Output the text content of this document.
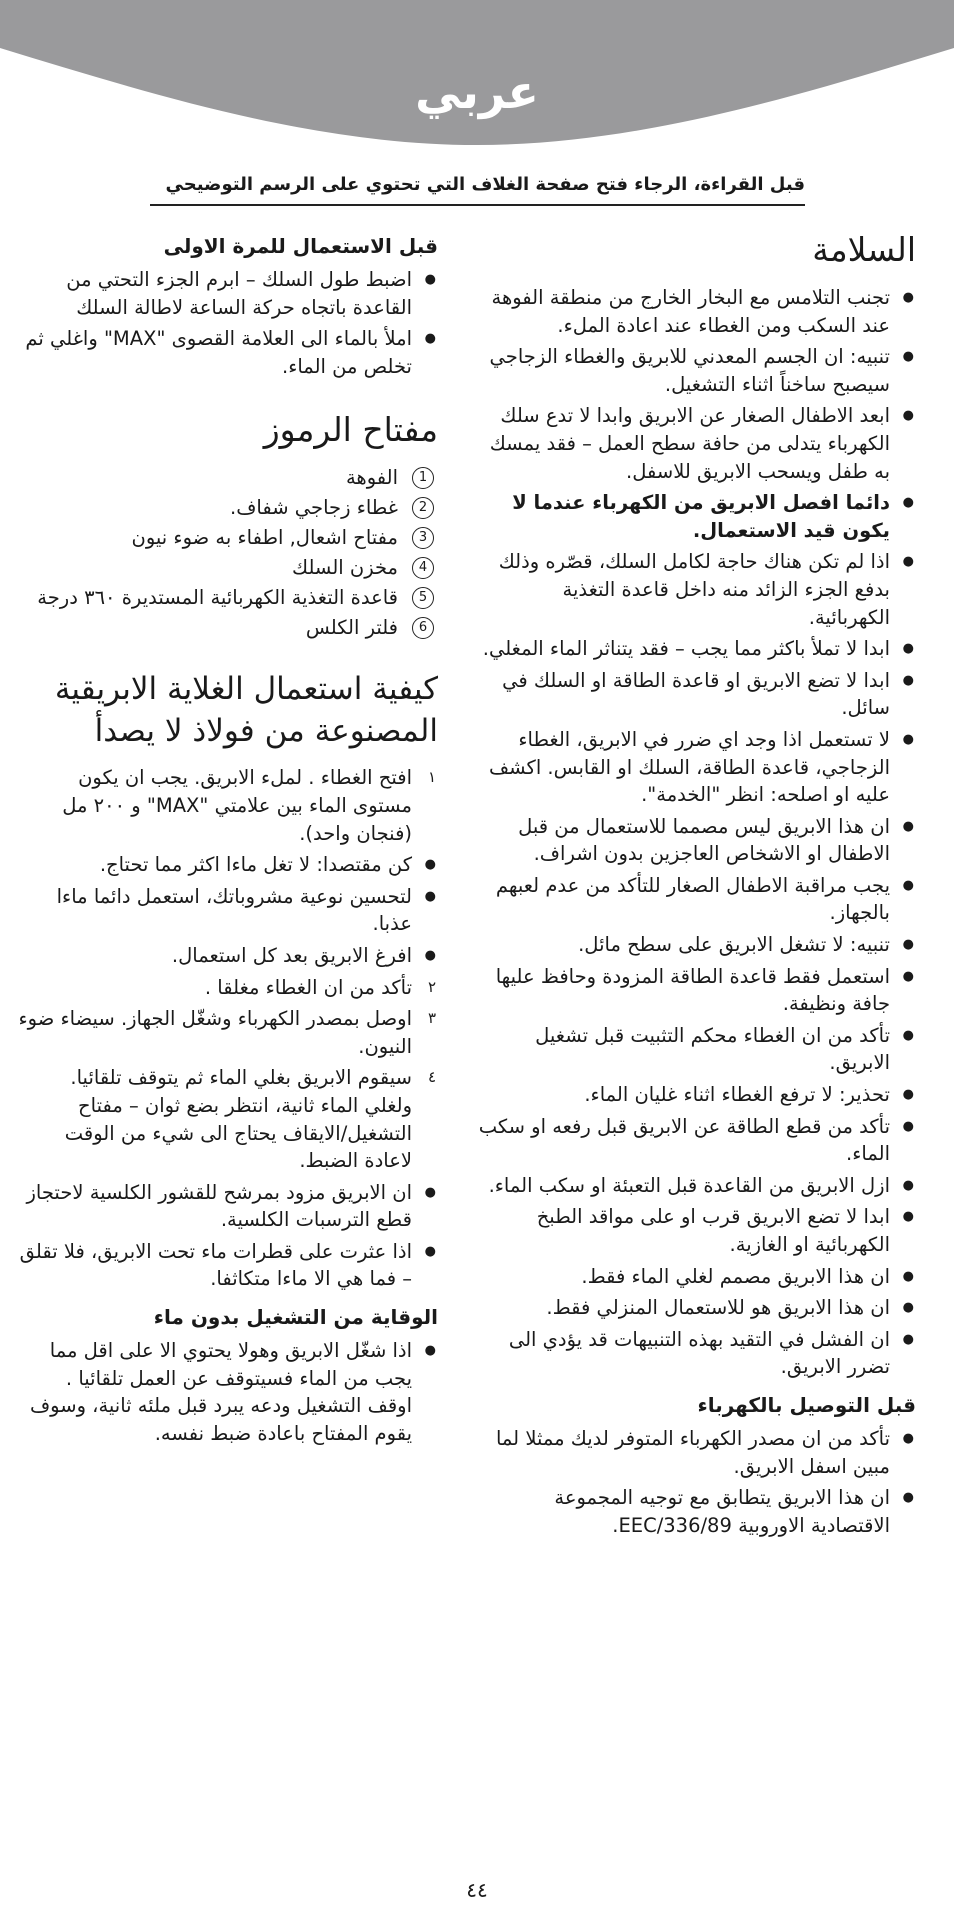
عربي
قبل القراءة، الرجاء فتح صفحة الغلاف التي تحتوي على الرسم التوضيحي
السلامة
● تجنب التلامس مع البخار الخارج من منطقة الفوهة عند السكب ومن الغطاء عند اعادة الملء.
● تنبيه: ان الجسم المعدني للابريق والغطاء الزجاجي سيصبح ساخناً اثناء التشغيل.
● ابعد الاطفال الصغار عن الابريق وابدا لا تدع سلك الكهرباء يتدلى من حافة سطح العمل – فقد يمسك به طفل ويسحب الابريق للاسفل.
● دائما افصل الابريق من الكهرباء عندما لا يكون قيد الاستعمال.
● اذا لم تكن هناك حاجة لكامل السلك، قصّره وذلك بدفع الجزء الزائد منه داخل قاعدة التغذية الكهربائية.
● ابدا لا تملأ باكثر مما يجب – فقد يتناثر الماء المغلي.
● ابدا لا تضع الابريق او قاعدة الطاقة او السلك في سائل.
● لا تستعمل اذا وجد اي ضرر في الابريق، الغطاء الزجاجي، قاعدة الطاقة، السلك او القابس. اكشف عليه او اصلحه: انظر "الخدمة".
● ان هذا الابريق ليس مصمما للاستعمال من قبل الاطفال او الاشخاص العاجزين بدون اشراف.
● يجب مراقبة الاطفال الصغار للتأكد من عدم لعبهم بالجهاز.
● تنبيه: لا تشغل الابريق على سطح مائل.
● استعمل فقط قاعدة الطاقة المزودة وحافظ عليها جافة ونظيفة.
● تأكد من ان الغطاء محكم التثبيت قبل تشغيل الابريق.
● تحذير: لا ترفع الغطاء اثناء غليان الماء.
● تأكد من قطع الطاقة عن الابريق قبل رفعه او سكب الماء.
● ازل الابريق من القاعدة قبل التعبئة او سكب الماء.
● ابدا لا تضع الابريق قرب او على مواقد الطبخ الكهربائية او الغازية.
● ان هذا الابريق مصمم لغلي الماء فقط.
● ان هذا الابريق هو للاستعمال المنزلي فقط.
● ان الفشل في التقيد بهذه التنبيهات قد يؤدي الى تضرر الابريق.
قبل التوصيل بالكهرباء
● تأكد من ان مصدر الكهرباء المتوفر لديك ممثلا لما مبين اسفل الابريق.
● ان هذا الابريق يتطابق مع توجيه المجموعة الاقتصادية الاوروبية EEC/336/89.
قبل الاستعمال للمرة الاولى
● اضبط طول السلك – ابرم الجزء التحتي من القاعدة باتجاه حركة الساعة لاطالة السلك
● املأ بالماء الى العلامة القصوى "MAX" واغلي ثم تخلص من الماء.
مفتاح الرموز
1
الفوهة
2
غطاء زجاجي شفاف.
3
مفتاح اشعال, اطفاء به ضوء نيون
4
مخزن السلك
5
قاعدة التغذية الكهربائية المستديرة ٣٦٠ درجة
6
فلتر الكلس
كيفية استعمال الغلاية الابريقية المصنوعة من فولاذ لا يصدأ
١
افتح الغطاء . لملء الابريق. يجب ان يكون مستوى الماء بين علامتي "MAX" و ٢٠٠ مل (فنجان واحد).
● كن مقتصدا: لا تغل ماءا اكثر مما تحتاج.
● لتحسين نوعية مشروباتك، استعمل دائما ماءا عذبا.
● افرغ الابريق بعد كل استعمال.
٢
تأكد من ان الغطاء مغلقا .
٣
اوصل بمصدر الكهرباء وشغّل الجهاز. سيضاء ضوء النيون.
٤
سيقوم الابريق بغلي الماء ثم يتوقف تلقائيا. ولغلي الماء ثانية، انتظر بضع ثوان – مفتاح التشغيل/الايقاف يحتاج الى شيء من الوقت لاعادة الضبط.
● ان الابريق مزود بمرشح للقشور الكلسية لاحتجاز قطع الترسبات الكلسية.
● اذا عثرت على قطرات ماء تحت الابريق، فلا تقلق – فما هي الا ماءا متكاثفا.
الوقاية من التشغيل بدون ماء
● اذا شغّل الابريق وهولا يحتوي الا على اقل مما يجب من الماء فسيتوقف عن العمل تلقائيا . اوقف التشغيل ودعه يبرد قبل ملئه ثانية، وسوف يقوم المفتاح باعادة ضبط نفسه.
٤٤
